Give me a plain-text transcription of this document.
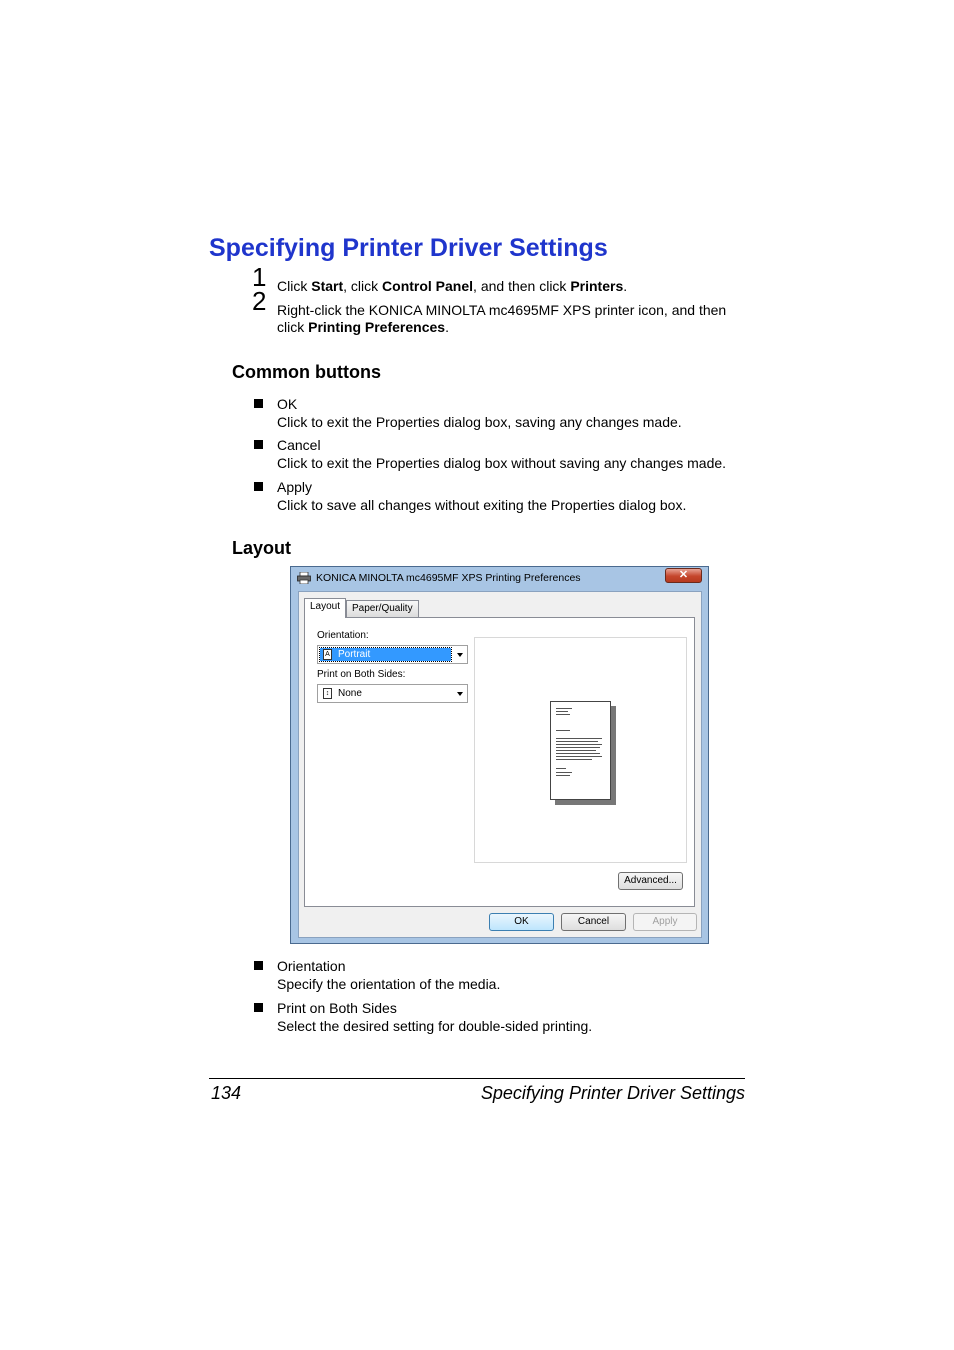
Specifying Printer Driver Settings
1 Click Start, click Control Panel, and then click Printers.
2 Right-click the KONICA MINOLTA mc4695MF XPS printer icon, and then
click Printing Preferences.
Common buttons
OK
Click to exit the Properties dialog box, saving any changes made.
Cancel
Click to exit the Properties dialog box without saving any changes made.
Apply
Click to save all changes without exiting the Properties dialog box.
Layout
KONICA MINOLTA mc4695MF XPS Printing Preferences	✕
Layout	Paper/Quality
Orientation:
Portrait
A
Print on Both Sides:
None
↕
Advanced...
OK	Cancel	Apply
Orientation
Specify the orientation of the media.
Print on Both Sides
Select the desired setting for double-sided printing.
134	Specifying Printer Driver Settings
